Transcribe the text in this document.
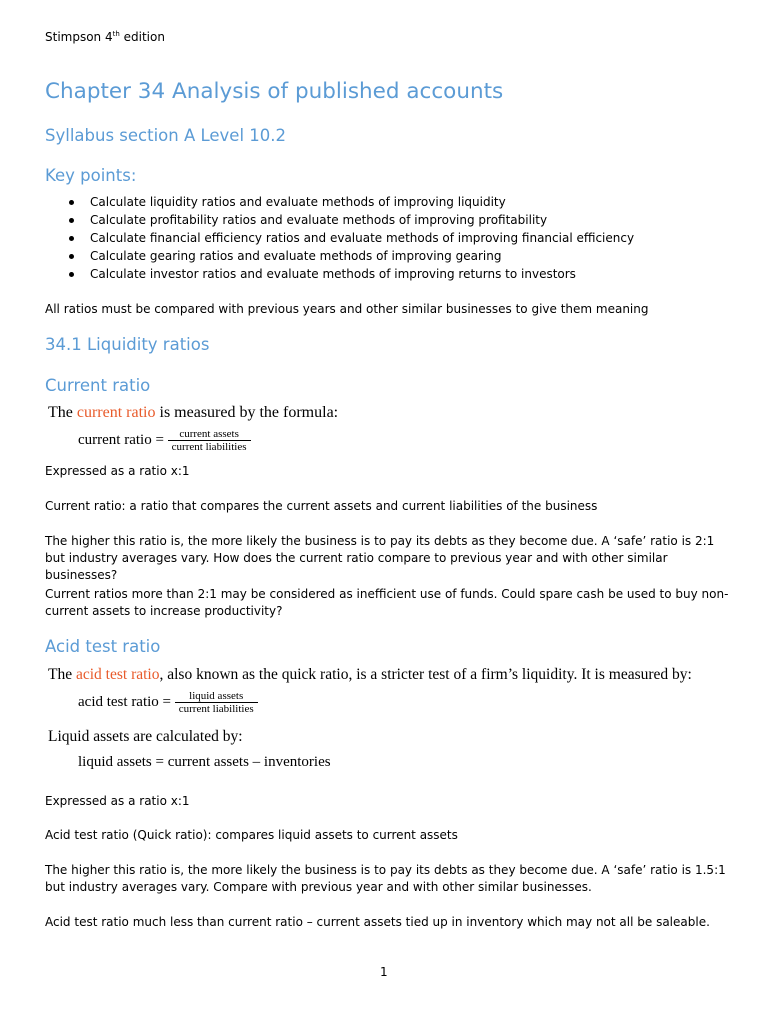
Stimpson 4th edition
Chapter 34 Analysis of published accounts
Syllabus section A Level 10.2
Key points:
Calculate liquidity ratios and evaluate methods of improving liquidity
Calculate profitability ratios and evaluate methods of improving profitability
Calculate financial efficiency ratios and evaluate methods of improving financial efficiency
Calculate gearing ratios and evaluate methods of improving gearing
Calculate investor ratios and evaluate methods of improving returns to investors
All ratios must be compared with previous years and other similar businesses to give them meaning
34.1 Liquidity ratios
Current ratio
The current ratio is measured by the formula:
current ratio = $\frac{\text{current assets}}{\text{current liabilities}}$
Expressed as a ratio x:1
Current ratio: a ratio that compares the current assets and current liabilities of the business
The higher this ratio is, the more likely the business is to pay its debts as they become due. A ‘safe’ ratio is 2:1 but industry averages vary. How does the current ratio compare to previous year and with other similar businesses?
Current ratios more than 2:1 may be considered as inefficient use of funds. Could spare cash be used to buy non-current assets to increase productivity?
Acid test ratio
The acid test ratio, also known as the quick ratio, is a stricter test of a firm’s liquidity. It is measured by:
acid test ratio = $\frac{\text{liquid assets}}{\text{current liabilities}}$
Liquid assets are calculated by:
liquid assets = current assets – inventories
Expressed as a ratio x:1
Acid test ratio (Quick ratio): compares liquid assets to current assets
The higher this ratio is, the more likely the business is to pay its debts as they become due. A ‘safe’ ratio is 1.5:1 but industry averages vary. Compare with previous year and with other similar businesses.
Acid test ratio much less than current ratio – current assets tied up in inventory which may not all be saleable.
1
